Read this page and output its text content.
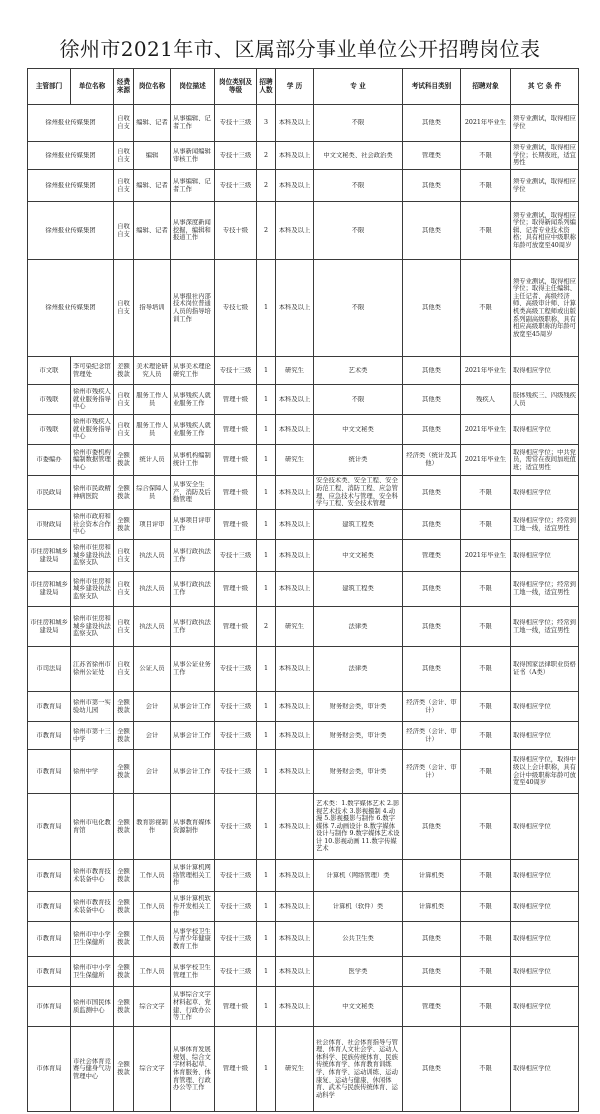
徐州市2021年市、区属部分事业单位公开招聘岗位表
主管部门	单位名称	经费来源	岗位名称	岗位描述	岗位类别及等级	招聘人数	学 历	专 业	考试科目类别	招聘对象	其 它 条 件

徐州报业传媒集团		自收自支	编辑、记者	从事编辑、记者工作	专技十三级	3	本科及以上	不限	其他类	2021年毕业生	须专业测试，取得相应学位

徐州报业传媒集团		自收自支	编辑	从事新闻编辑审核工作	专技十三级	2	本科及以上	中文文秘类、社会政治类	管理类	不限	须专业测试，取得相应学位；长期夜班，适宜男性

徐州报业传媒集团		自收自支	编辑、记者	从事编辑、记者工作	专技十三级	2	本科及以上	不限	其他类	不限	须专业测试，取得相应学位

徐州报业传媒集团		自收自支	编辑、记者	从事深度新闻挖掘，编辑和报道工作	专技十级	2	本科及以上	不限	其他类	不限	须专业测试，取得相应学位；取得新闻系列编辑、记者专业技术资格；具有相应中级职称年龄可放宽至40周岁

徐州报业传媒集团		自收自支	指导培训	从事报社内部技术岗位普通人员的指导培训工作	专技七级	1	本科及以上	不限	其他类	不限	须专业测试，取得相应学位；取得主任编辑、主任记者、高级经济师、高级审计师、计算机类高级工程师或出版系列副高级职称，具有相应高级职称的年龄可放宽至45周岁

市文联	李可染纪念馆管理处	差额拨款	美术理论研究人员	从事美术理论研究工作	专技十三级	1	研究生	艺术类	其他类	2021年毕业生	取得相应学位

市残联	徐州市残疾人就业服务指导中心	自收自支	服务工作人员	从事残疾人就业服务工作	管理十级	1	本科及以上	不限	其他类	残疾人	肢体残疾三、四级残疾人员

市残联	徐州市残疾人就业服务指导中心	自收自支	服务工作人员	从事残疾人就业服务工作	管理十级	1	本科及以上	中文文秘类	其他类	2021年毕业生	取得相应学位

市委编办	徐州市委机构编制数据管理中心	全额拨款	统计人员	从事机构编制统计工作	管理十级	1	研究生	统计类	经济类（统计及其他）	2021年毕业生	取得相应学位；中共党员，需常在夜间加班值班；适宜男性

市民政局	徐州市民政精神病医院	全额拨款	综合保障人员	从事安全生产、消防及后勤管理	管理十级	1	本科及以上	安全技术类、安全工程、安全防范工程、消防工程、应急管理、应急技术与管理、安全科学与工程、安全技术管理	其他类	不限	取得相应学位

市财政局	徐州市政府和社会资本合作中心	全额拨款	项目评审	从事项目评审工作	管理十级	1	本科及以上	建筑工程类	其他类	不限	取得相应学位；经常到工地一线，适宜男性

市住房和城乡建设局	徐州市住房和城乡建设执法监察支队	自收自支	执法人员	从事行政执法工作	专技十三级	1	本科及以上	中文文秘类	管理类	2021年毕业生	取得相应学位

市住房和城乡建设局	徐州市住房和城乡建设执法监察支队	自收自支	执法人员	从事行政执法工作	管理十级	1	本科及以上	建筑工程类	其他类	不限	取得相应学位；经常到工地一线，适宜男性

市住房和城乡建设局	徐州市住房和城乡建设执法监察支队	自收自支	执法人员	从事行政执法工作	管理十级	2	研究生	法律类	其他类	不限	取得相应学位；经常到工地一线，适宜男性

市司法局	江苏省徐州市徐州公证处	自收自支	公证人员	从事公证业务工作	专技十三级	1	本科及以上	法律类	其他类	不限	取得国家法律职业资格证书（A类）

市教育局	徐州市第一实验幼儿园	全额拨款	会计	从事会计工作	专技十三级	1	本科及以上	财务财会类，审计类	经济类（会计、审计）	不限	取得相应学位

市教育局	徐州市第十三中学	全额拨款	会计	从事会计工作	专技十三级	1	本科及以上	财务财会类，审计类	经济类（会计、审计）	不限	取得相应学位

市教育局	徐州中学	全额拨款	会计	从事会计工作	专技十三级	1	本科及以上	财务财会类，审计类	经济类（会计、审计）	不限	取得相应学位，取得中级以上会计职称，具有会计中级职称年龄可放宽至40周岁

市教育局	徐州市电化教育馆	全额拨款	教育影视制作	从事教育媒体资源制作	专技十三级	1	本科及以上	艺术类：1.数字媒体艺术 2.影视艺术技术 3.影视摄制 4.动漫 5.影视摄影与制作 6.数字媒体 7.动画设计 8.数字媒体设计与制作 9.数字媒体艺术设计 10.影视动画 11.数字传媒艺术	其他类	不限	取得相应学位

市教育局	徐州市教育技术装备中心	全额拨款	工作人员	从事计算机网络管理相关工作	专技十三级	1	本科及以上	计算机（网络管理）类	计算机类	不限	取得相应学位

市教育局	徐州市教育技术装备中心	全额拨款	工作人员	从事计算机软件开发相关工作	专技十三级	1	本科及以上	计算机（软件）类	计算机类	不限	取得相应学位

市教育局	徐州市中小学卫生保健所	全额拨款	工作人员	从事学校卫生与青少年健康教育工作	专技十三级	1	本科及以上	公共卫生类	其他类	不限	取得相应学位

市教育局	徐州市中小学卫生保健所	全额拨款	工作人员	从事学校卫生管理工作	专技十三级	1	本科及以上	医学类	其他类	不限	取得相应学位

市体育局	徐州市国民体质监测中心	全额拨款	综合文字	从事综合文字材料起草、党建、行政办公等工作	管理十级	1	本科及以上	中文文秘类	管理类	不限	取得相应学位

市体育局	市社会体育竞赛与健身气功管理中心	全额拨款	综合文字	从事体育发展规划、综合文字材料起草、体育服务、体育管理、行政办公等工作	管理十级	1	研究生	社会体育、社会体育指导与管理、体育人文社会学、运动人体科学、民族传统体育、民族传统体育学、体育教育训练学、体育学、运动训练、运动康复、运动与健康、休闲体育、武术与民族传统体育、运动科学	其他类	不限	取得相应学位
